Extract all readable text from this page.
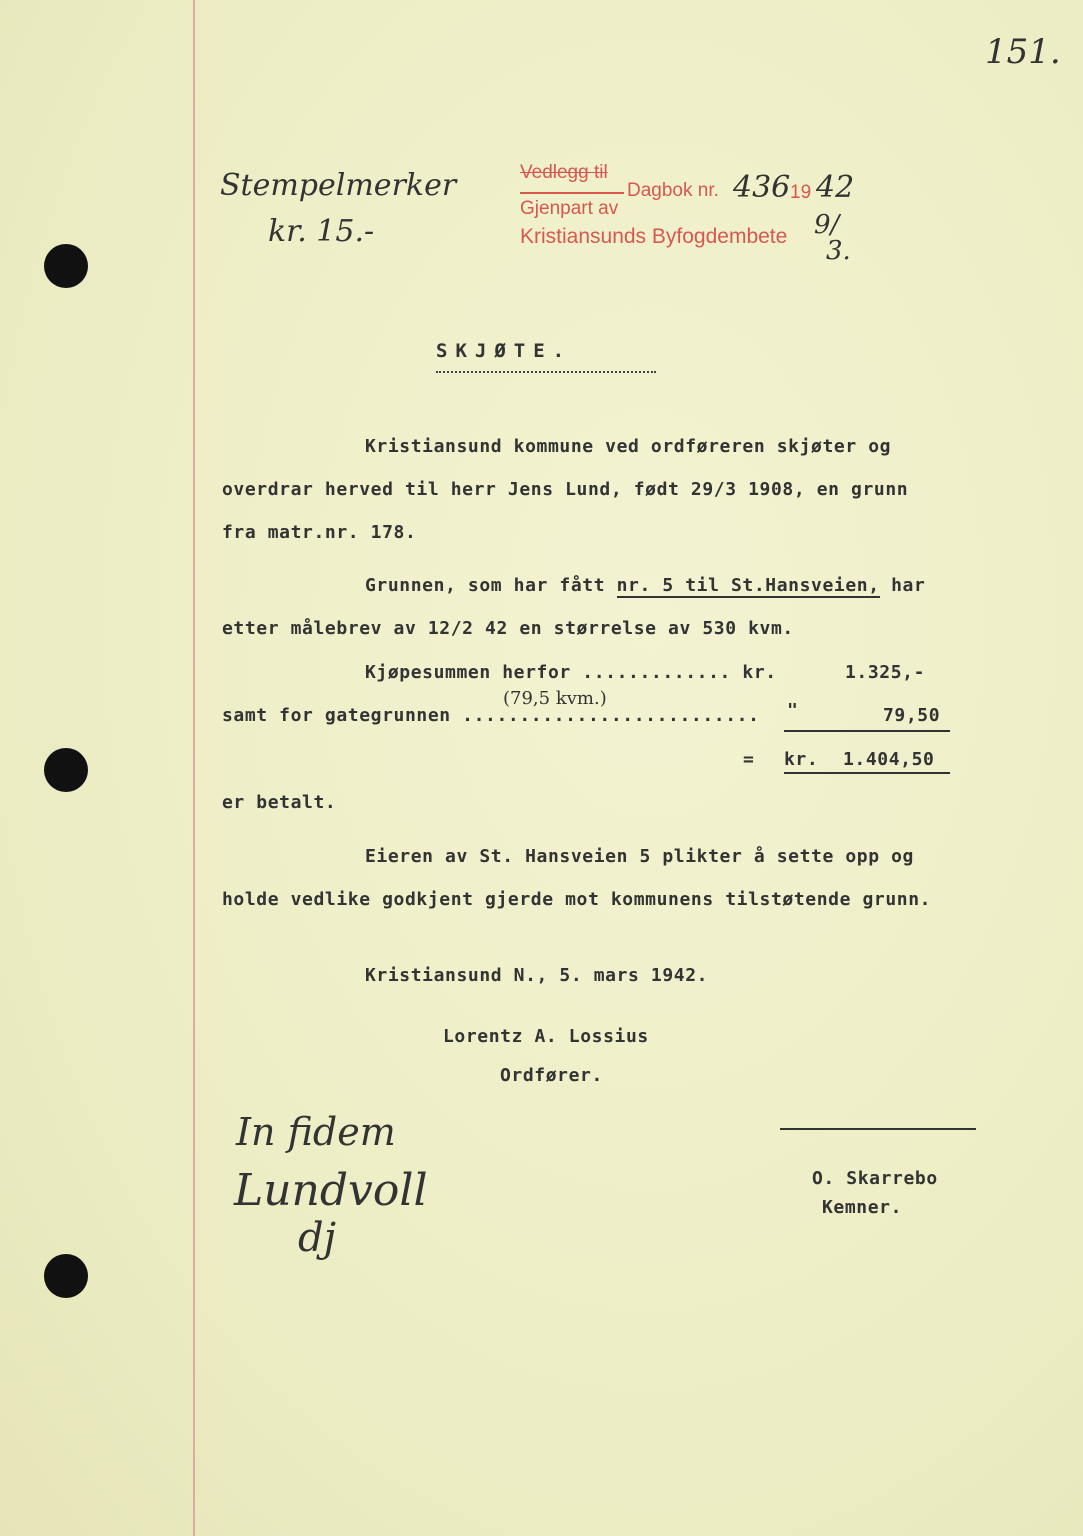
151.
Stempelmerker
kr. 15.-
Vedlegg til
Dagbok nr. 436 19 42
Gjenpart av
Kristiansunds Byfogdembete 9/
3.
SKJØTE.
Kristiansund kommune ved ordføreren skjøter og
overdrar herved til herr Jens Lund, født 29/3 1908, en grunn
fra matr.nr. 178.
Grunnen, som har fått nr. 5 til St.Hansveien, har
etter målebrev av 12/2 42 en størrelse av 530 kvm.
Kjøpesummen herfor ............. kr.	1.325,-
(79,5 kvm.)
samt for gategrunnen .......................... "	79,50
= kr. 1.404,50
er betalt.
Eieren av St. Hansveien 5 plikter å sette opp og
holde vedlike godkjent gjerde mot kommunens tilstøtende grunn.
Kristiansund N., 5. mars 1942.
Lorentz A. Lossius
Ordfører.
In fidem
Lundvoll
dj
O. Skarrebo
Kemner.
